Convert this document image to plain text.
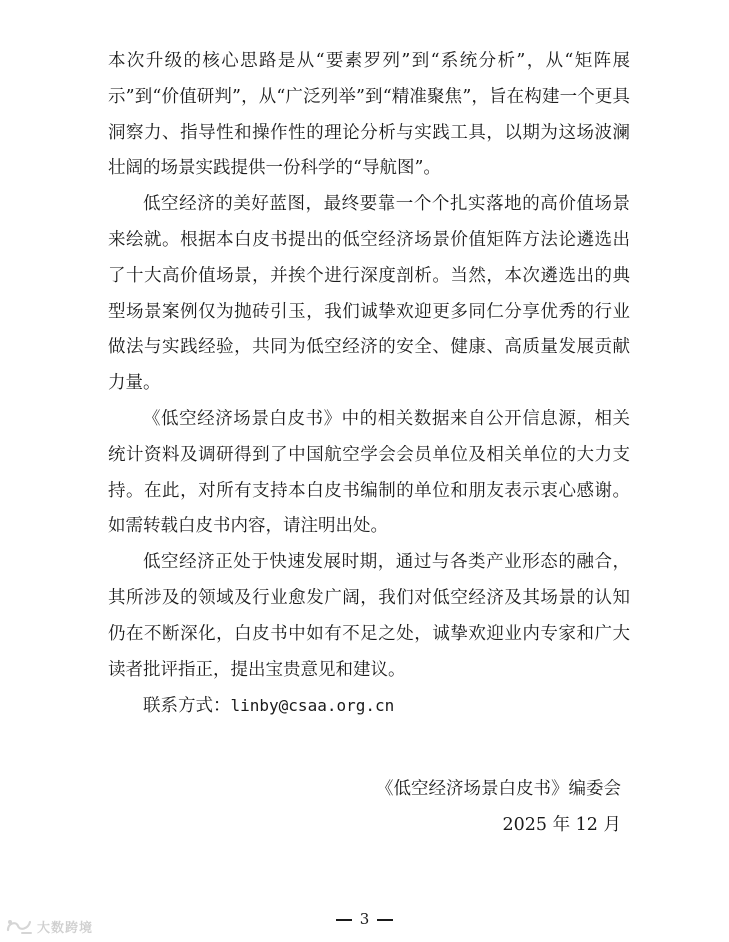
本次升级的核心思路是从“要素罗列”到“系统分析”，从“矩阵展示”到“价值研判”，从“广泛列举”到“精准聚焦”，旨在构建一个更具洞察力、指导性和操作性的理论分析与实践工具，以期为这场波澜壮阔的场景实践提供一份科学的“导航图”。

低空经济的美好蓝图，最终要靠一个个扎实落地的高价值场景来绘就。根据本白皮书提出的低空经济场景价值矩阵方法论遴选出了十大高价值场景，并挨个进行深度剖析。当然，本次遴选出的典型场景案例仅为抛砖引玉，我们诚挚欢迎更多同仁分享优秀的行业做法与实践经验，共同为低空经济的安全、健康、高质量发展贡献力量。

《低空经济场景白皮书》中的相关数据来自公开信息源，相关统计资料及调研得到了中国航空学会会员单位及相关单位的大力支持。在此，对所有支持本白皮书编制的单位和朋友表示衷心感谢。如需转载白皮书内容，请注明出处。

低空经济正处于快速发展时期，通过与各类产业形态的融合，其所涉及的领域及行业愈发广阔，我们对低空经济及其场景的认知仍在不断深化，白皮书中如有不足之处，诚挚欢迎业内专家和广大读者批评指正，提出宝贵意见和建议。

联系方式：linby@csaa.org.cn

《低空经济场景白皮书》编委会
2025 年 12 月
3
大数跨境
